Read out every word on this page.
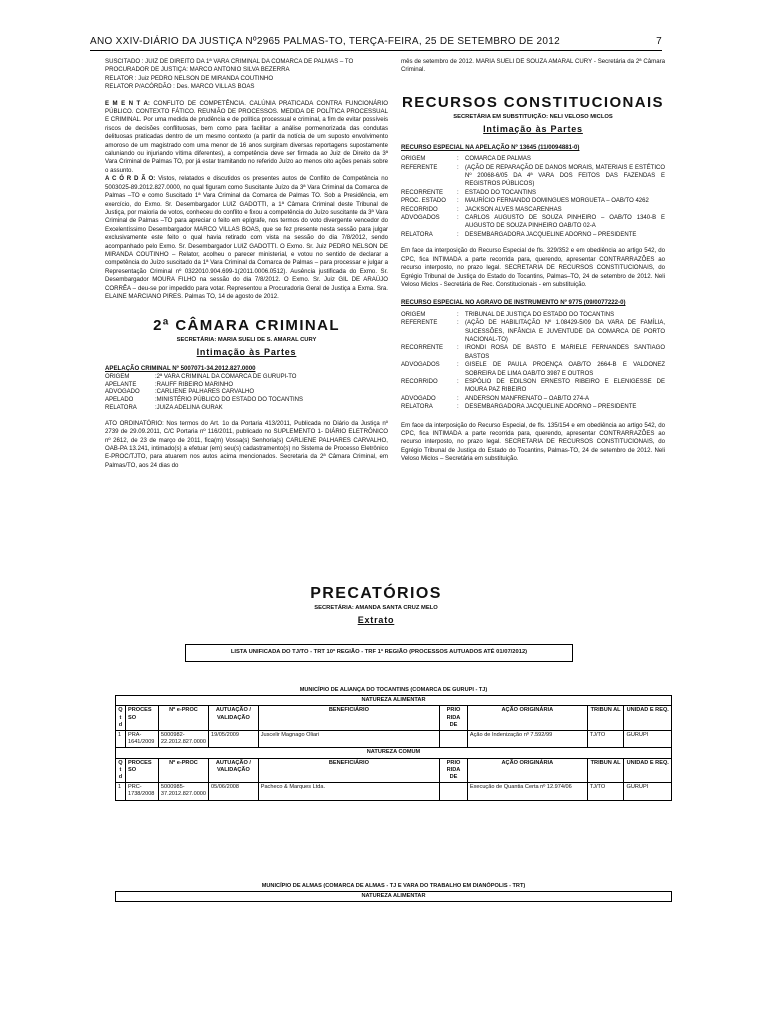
ANO XXIV-DIÁRIO DA JUSTIÇA Nº2965 PALMAS-TO, TERÇA-FEIRA, 25 DE SETEMBRO DE 2012	7

SUSCITADO : JUIZ DE DIREITO DA 1ª VARA CRIMINAL DA COMARCA DE PALMAS – TO

PROCURADOR DE JUSTIÇA: MARCO ANTONIO SILVA BEZERRA

RELATOR : Juiz PEDRO NELSON DE MIRANDA COUTINHO

RELATOR P/ACÓRDÃO : Des. MARCO VILLAS BOAS

E M E N T A: CONFLITO DE COMPETÊNCIA. CALÚNIA PRATICADA CONTRA FUNCIONÁRIO PÚBLICO. CONTEXTO FÁTICO. REUNIÃO DE PROCESSOS. MEDIDA DE POLÍTICA PROCESSUAL E CRIMINAL. Por uma medida de prudência e de política processual e criminal, a fim de evitar possíveis riscos de decisões conflituosas, bem como para facilitar a análise pormenorizada das condutas delituosas praticadas dentro de um mesmo contexto (a partir da notícia de um suposto envolvimento amoroso de um magistrado com uma menor de 16 anos surgiram diversas reportagens supostamente caluniando ou injuriando vítima diferentes), a competência deve ser firmada ao Juiz de Direito da 3ª Vara Criminal de Palmas TO, por já estar tramitando no referido Juízo ao menos oito ações penais sobre o assunto.

A C Ó R D Ã O: Vistos, relatados e discutidos os presentes autos de Conflito de Competência no 5003025-89.2012.827.0000, no qual figuram como Suscitante Juízo da 3ª Vara Criminal da Comarca de Palmas –TO e como Suscitado 1ª Vara Criminal da Comarca de Palmas TO. Sob a Presidência, em exercício, do Exmo. Sr. Desembargador LUIZ GADOTTI, a 1ª Câmara Criminal deste Tribunal de Justiça, por maioria de votos, conheceu do conflito e fixou a competência do Juízo suscitante da 3ª Vara Criminal de Palmas –TO para apreciar o feito em epígrafe, nos termos do voto divergente vencedor do Excelentíssimo Desembargador MARCO VILLAS BOAS, que se fez presente nesta sessão para julgar exclusivamente este feito o qual havia retirado com vista na sessão do dia 7/8/2012, sendo acompanhado pelo Exmo. Sr. Desembargador LUIZ GADOTTI. O Exmo. Sr. Juiz PEDRO NELSON DE MIRANDA COUTINHO – Relator, acolheu o parecer ministerial, e votou no sentido de declarar a competência do Juízo suscitado da 1ª Vara Criminal da Comarca de Palmas – para processar e julgar a Representação Criminal nº 0322010.904.699-1(2011.0006.0512). Ausência justificada do Exmo. Sr. Desembargador MOURA FILHO na sessão do dia 7/8/2012. O Exmo. Sr. Juiz GIL DE ARAÚJO CORRÊA – deu-se por impedido para votar. Representou a Procuradoria Geral de Justiça a Exma. Sra. ELAINE MARCIANO PIRES. Palmas TO, 14 de agosto de 2012.

2ª CÂMARA CRIMINAL
SECRETÁRIA: MARIA SUELI DE S. AMARAL CURY
Intimação às Partes

APELAÇÃO CRIMINAL Nº 5007071-34.2012.827.0000

ORIGEM	:2ª VARA CRIMINAL DA COMARCA DE GURUPI-TO
APELANTE	:RAUFF RIBEIRO MARINHO
ADVOGADO	:CARLIENE PALHARES CARVALHO
APELADO	:MINISTÉRIO PÚBLICO DO ESTADO DO TOCANTINS
RELATORA	:JUIZA ADELINA GURAK

ATO ORDINATÓRIO: Nos termos do Art. 1o da Portaria 413/2011, Publicada no Diário da Justiça nº 2739 de 29.09.2011, C/C Portaria nº 116/2011, publicado no SUPLEMENTO 1- DIÁRIO ELETRÔNICO nº 2612, de 23 de março de 2011, fica(m) Vossa(s) Senhoria(s) CARLIENE PALHARES CARVALHO, OAB-PA 13.241, intimado(s) a efetuar (em) seu(s) cadastramento(s) no Sistema de Processo Eletrônico E-PROC/TJTO, para atuarem nos autos acima mencionados. Secretaria da 2ª Câmara Criminal, em Palmas/TO, aos 24 dias do

mês de setembro de 2012. MARIA SUELI DE SOUZA AMARAL CURY - Secretária da 2ª Câmara Criminal.

RECURSOS CONSTITUCIONAIS
SECRETÁRIA EM SUBSTITUIÇÃO: NELI VELOSO MICLOS
Intimação às Partes

RECURSO ESPECIAL NA APELAÇÃO Nº 13645 (11/0094881-0)

ORIGEM	:	COMARCA DE PALMAS
REFERENTE	:	(AÇÃO DE REPARAÇÃO DE DANOS MORAIS, MATERIAIS E ESTÉTICO Nº 20068-6/05 DA 4ª VARA DOS FEITOS DAS FAZENDAS E REGISTROS PÚBLICOS)
RECORRENTE	:	ESTADO DO TOCANTINS
PROC. ESTADO	:	MAURÍCIO FERNANDO DOMINGUES MORGUETA – OAB/TO 4262
RECORRIDO	:	JACKSON ALVES MASCARENHAS
ADVOGADOS	:	CARLOS AUGUSTO DE SOUZA PINHEIRO – OAB/TO 1340-B E AUGUSTO DE SOUZA PINHEIRO OAB/TO 02-A
RELATORA	:	DESEMBARGADORA JACQUELINE ADORNO – PRESIDENTE

Em face da interposição do Recurso Especial de fls. 329/352 e em obediência ao artigo 542, do CPC, fica INTIMADA a parte recorrida para, querendo, apresentar CONTRARRAZÕES ao recurso interposto, no prazo legal. SECRETARIA DE RECURSOS CONSTITUCIONAIS, do Egrégio Tribunal de Justiça do Estado do Tocantins, Palmas–TO, 24 de setembro de 2012. Neli Veloso Miclos - Secretária de Rec. Constitucionais - em substituição.

RECURSO ESPECIAL NO AGRAVO DE INSTRUMENTO Nº 9775 (09/0077222-0)

ORIGEM	:	TRIBUNAL DE JUSTIÇA DO ESTADO DO TOCANTINS
REFERENTE	:	(AÇÃO DE HABILITAÇÃO Nº 1.08429-5/09 DA VARA DE FAMÍLIA, SUCESSÕES, INFÂNCIA E JUVENTUDE DA COMARCA DE PORTO NACIONAL-TO)
RECORRENTE	:	IRONDI ROSA DE BASTO E MARIELE FERNANDES SANTIAGO BASTOS
ADVOGADOS	:	GISELE DE PAULA PROENÇA OAB/TO 2664-B E VALDONEZ SOBREIRA DE LIMA OAB/TO 3987 E OUTROS
RECORRIDO	:	ESPÓLIO DE EDILSON ERNESTO RIBEIRO E ELENIGESSE DE MOURA PAZ RIBEIRO
ADVOGADO	:	ANDERSON MANFRENATO – OAB/TO 274-A
RELATORA	:	DESEMBARGADORA JACQUELINE ADORNO – PRESIDENTE

Em face da interposição do Recurso Especial, de fls. 135/154 e em obediência ao artigo 542, do CPC, fica INTIMADA a parte recorrida para, querendo, apresentar CONTRARRAZÕES ao recurso interposto, no prazo legal. SECRETARIA DE RECURSOS CONSTITUCIONAIS, do Egrégio Tribunal de Justiça do Estado do Tocantins, Palmas-TO, 24 de setembro de 2012. Neli Veloso Miclos – Secretária em substituição.

PRECATÓRIOS
SECRETÁRIA: AMANDA SANTA CRUZ MELO
Extrato
LISTA UNIFICADA DO TJ/TO - TRT 10ª REGIÃO - TRF 1ª REGIÃO (PROCESSOS AUTUADOS ATÉ 01/07/2012)
MUNICÍPIO DE ALIANÇA DO TOCANTINS (COMARCA DE GURUPI - TJ)								
NATUREZA ALIMENTAR								
Q t d	PROCES SO	Nº e-PROC	AUTUAÇÃO / VALIDAÇÃO	BENEFICIÁRIO	PRIO RIDA DE	AÇÃO ORIGINÁRIA	TRIBUN AL	UNIDAD E REQ.
1	PRA-1641/2009	5000982-22.2012.827.0000	19/05/2009	Juscelir Magnago Oliari		Ação de Indenização nº 7.592/99	TJ/TO	GURUPI
NATUREZA COMUM								
Q t d	PROCES SO	Nº e-PROC	AUTUAÇÃO / VALIDAÇÃO	BENEFICIÁRIO	PRIO RIDA DE	AÇÃO ORIGINÁRIA	TRIBUN AL	UNIDAD E REQ.
1	PRC-1738/2008	5000985-37.2012.827.0000	05/06/2008	Pacheco & Marques Ltda.		Execução de Quantia Certa nº 12.974/06	TJ/TO	GURUPI
MUNICÍPIO DE ALMAS (COMARCA DE ALMAS - TJ E VARA DO TRABALHO EM DIANÓPOLIS - TRT)
NATUREZA ALIMENTAR
